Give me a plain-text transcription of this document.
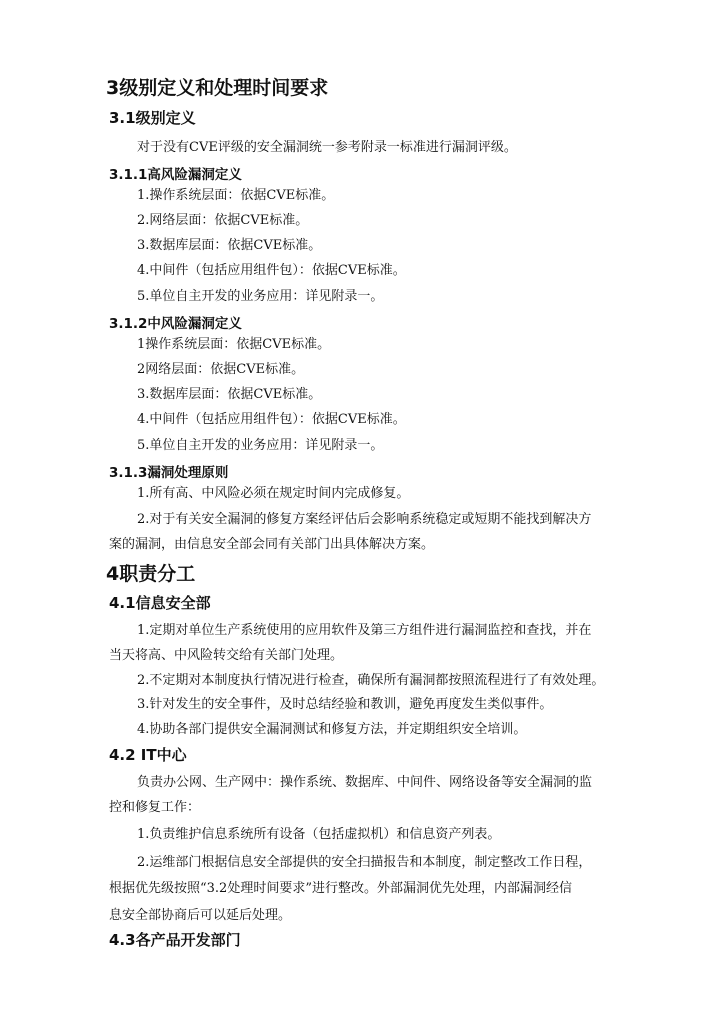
3级别定义和处理时间要求
3.1级别定义
对于没有CVE评级的安全漏洞统一参考附录一标准进行漏洞评级。
3.1.1高风险漏洞定义
1.操作系统层面：依据CVE标准。
2.网络层面：依据CVE标准。
3.数据库层面：依据CVE标准。
4.中间件（包括应用组件包）：依据CVE标准。
5.单位自主开发的业务应用：详见附录一。
3.1.2中风险漏洞定义
1操作系统层面：依据CVE标准。
2网络层面：依据CVE标准。
3.数据库层面：依据CVE标准。
4.中间件（包括应用组件包）：依据CVE标准。
5.单位自主开发的业务应用：详见附录一。
3.1.3漏洞处理原则
1.所有高、中风险必须在规定时间内完成修复。
2.对于有关安全漏洞的修复方案经评估后会影响系统稳定或短期不能找到解决方
案的漏洞，由信息安全部会同有关部门出具体解决方案。
4职责分工
4.1信息安全部
1.定期对单位生产系统使用的应用软件及第三方组件进行漏洞监控和查找，并在
当天将高、中风险转交给有关部门处理。
2.不定期对本制度执行情况进行检查，确保所有漏洞都按照流程进行了有效处理。
3.针对发生的安全事件，及时总结经验和教训，避免再度发生类似事件。
4.协助各部门提供安全漏洞测试和修复方法，并定期组织安全培训。
4.2 IT中心
负责办公网、生产网中：操作系统、数据库、中间件、网络设备等安全漏洞的监
控和修复工作：
1.负责维护信息系统所有设备（包括虚拟机）和信息资产列表。
2.运维部门根据信息安全部提供的安全扫描报告和本制度，制定整改工作日程，
根据优先级按照“3.2处理时间要求”进行整改。外部漏洞优先处理，内部漏洞经信
息安全部协商后可以延后处理。
4.3各产品开发部门
